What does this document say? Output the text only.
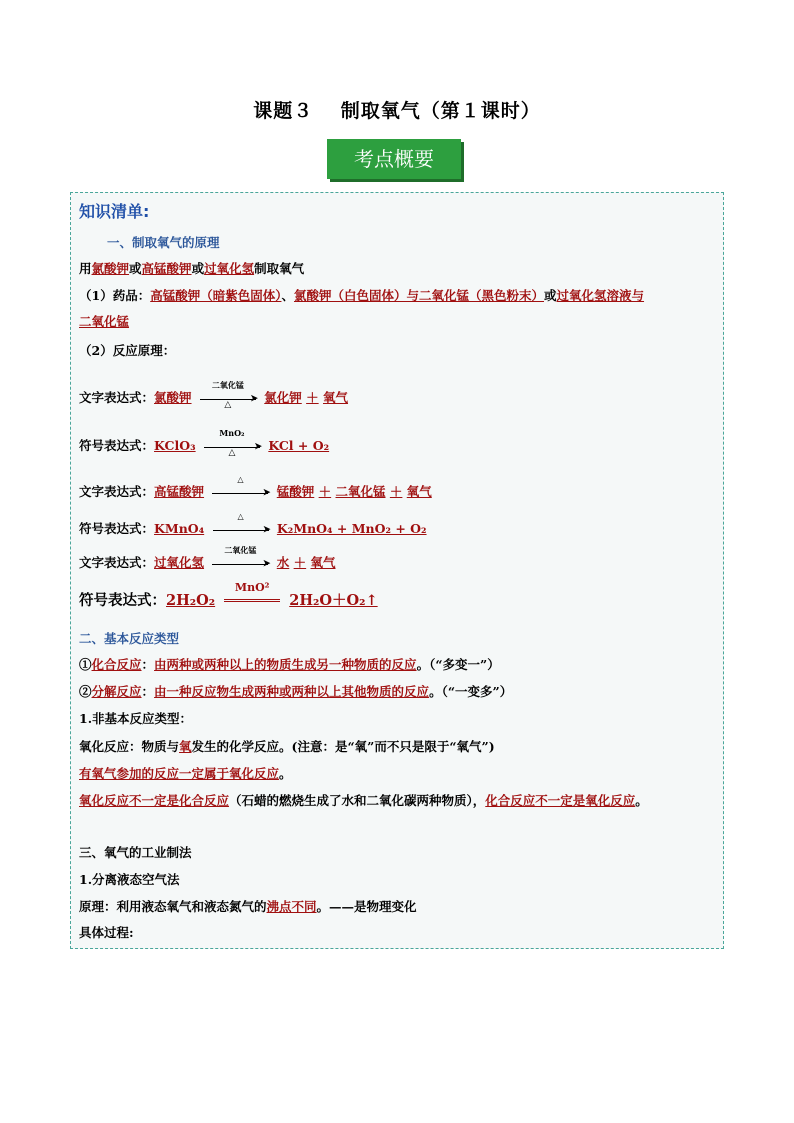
课题３　 制取氧气（第１课时）
考点概要
知识清单:
一、制取氧气的原理
用氯酸钾或高锰酸钾或过氧化氢制取氧气
（1）药品：高锰酸钾（暗紫色固体）、氯酸钾（白色固体）与二氧化锰（黑色粉末）或过氧化氢溶液与
二氧化锰
（2）反应原理：
文字表达式：氯酸钾
二氧化锰
➤
△	氯化钾 ＋ 氧气
符号表达式：KClO₃
MnO₂
➤
△	KCl + O₂
文字表达式：高锰酸钾
△
➤ 锰酸钾 ＋ 二氧化锰 ＋ 氧气
符号表达式：KMnO₄
△
➤ K₂MnO₄ + MnO₂ + O₂
文字表达式：过氧化氢
二氧化锰
➤ 水 ＋ 氧气
符号表达式：2H₂O₂
MnO²
2H₂O＋O₂↑
二、基本反应类型
①化合反应：由两种或两种以上的物质生成另一种物质的反应。（“多变一”）
②分解反应：由一种反应物生成两种或两种以上其他物质的反应。（“一变多”）
1.非基本反应类型：
氧化反应：物质与氧发生的化学反应。(注意：是“氧”而不只是限于“氧气”)
有氧气参加的反应一定属于氧化反应。
氧化反应不一定是化合反应（石蜡的燃烧生成了水和二氧化碳两种物质），化合反应不一定是氧化反应。
三、氧气的工业制法
1.分离液态空气法
原理：利用液态氧气和液态氮气的沸点不同。——是物理变化
具体过程:
